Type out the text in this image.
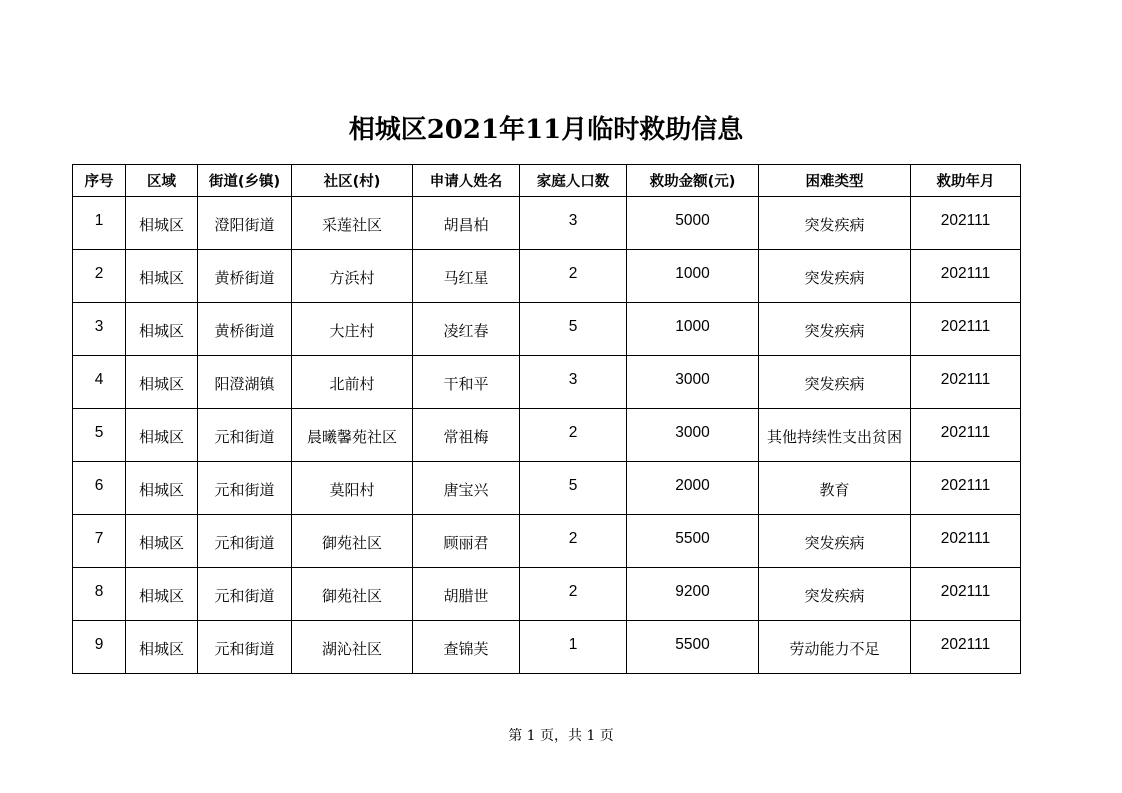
相城区2021年11月临时救助信息
序号	区域	街道(乡镇)	社区(村)	申请人姓名	家庭人口数	救助金额(元)	困难类型	救助年月
1	相城区	澄阳街道	采莲社区	胡昌柏	3	5000	突发疾病	202111
2	相城区	黄桥街道	方浜村	马红星	2	1000	突发疾病	202111
3	相城区	黄桥街道	大庄村	凌红春	5	1000	突发疾病	202111
4	相城区	阳澄湖镇	北前村	干和平	3	3000	突发疾病	202111
5	相城区	元和街道	晨曦馨苑社区	常祖梅	2	3000	其他持续性支出贫困	202111
6	相城区	元和街道	莫阳村	唐宝兴	5	2000	教育	202111
7	相城区	元和街道	御苑社区	顾丽君	2	5500	突发疾病	202111
8	相城区	元和街道	御苑社区	胡腊世	2	9200	突发疾病	202111
9	相城区	元和街道	湖沁社区	查锦芙	1	5500	劳动能力不足	202111
第 1 页，共 1 页
